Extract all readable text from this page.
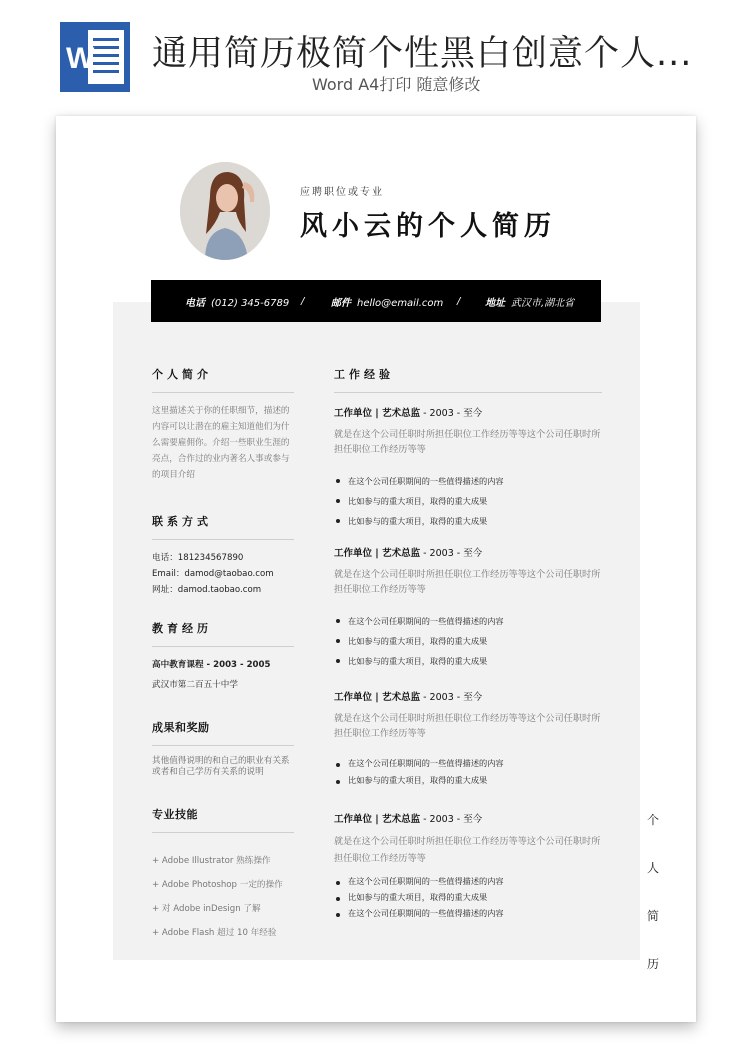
W 通用简历极简个性黑白创意个人...
Word A4打印 随意修改
应聘职位或专业
风小云的个人简历
电话 (012) 345-6789 /	邮件 hello@email.com / 地址 武汉市,湖北省
个人简介

这里描述关于你的任职细节，描述的内容可以让潜在的雇主知道他们为什么需要雇佣你。介绍一些职业生涯的亮点，合作过的业内著名人事或参与的项目介绍

联系方式

电话：181234567890

Email：damod@taobao.com

网址：damod.taobao.com

教育经历

高中教育课程 - 2003 - 2005

武汉市第二百五十中学

成果和奖励

其他值得说明的和自己的职业有关系或者和自己学历有关系的说明

专业技能

+ Adobe Illustrator 熟练操作

+ Adobe Photoshop 一定的操作

+ 对 Adobe inDesign 了解

+ Adobe Flash 超过 10 年经验

工作经验
工作单位 | 艺术总监 - 2003 - 至今
就是在这个公司任职时所担任职位工作经历等等这个公司任职时所担任职位工作经历等等
在这个公司任职期间的一些值得描述的内容
比如参与的重大项目，取得的重大成果
比如参与的重大项目，取得的重大成果
工作单位 | 艺术总监 - 2003 - 至今
就是在这个公司任职时所担任职位工作经历等等这个公司任职时所担任职位工作经历等等
在这个公司任职期间的一些值得描述的内容
比如参与的重大项目，取得的重大成果
比如参与的重大项目，取得的重大成果
工作单位 | 艺术总监 - 2003 - 至今
就是在这个公司任职时所担任职位工作经历等等这个公司任职时所担任职位工作经历等等
在这个公司任职期间的一些值得描述的内容
比如参与的重大项目，取得的重大成果
工作单位 | 艺术总监 - 2003 - 至今
就是在这个公司任职时所担任职位工作经历等等这个公司任职时所担任职位工作经历等等
在这个公司任职期间的一些值得描述的内容
比如参与的重大项目，取得的重大成果
在这个公司任职期间的一些值得描述的内容
个
人
简
历
